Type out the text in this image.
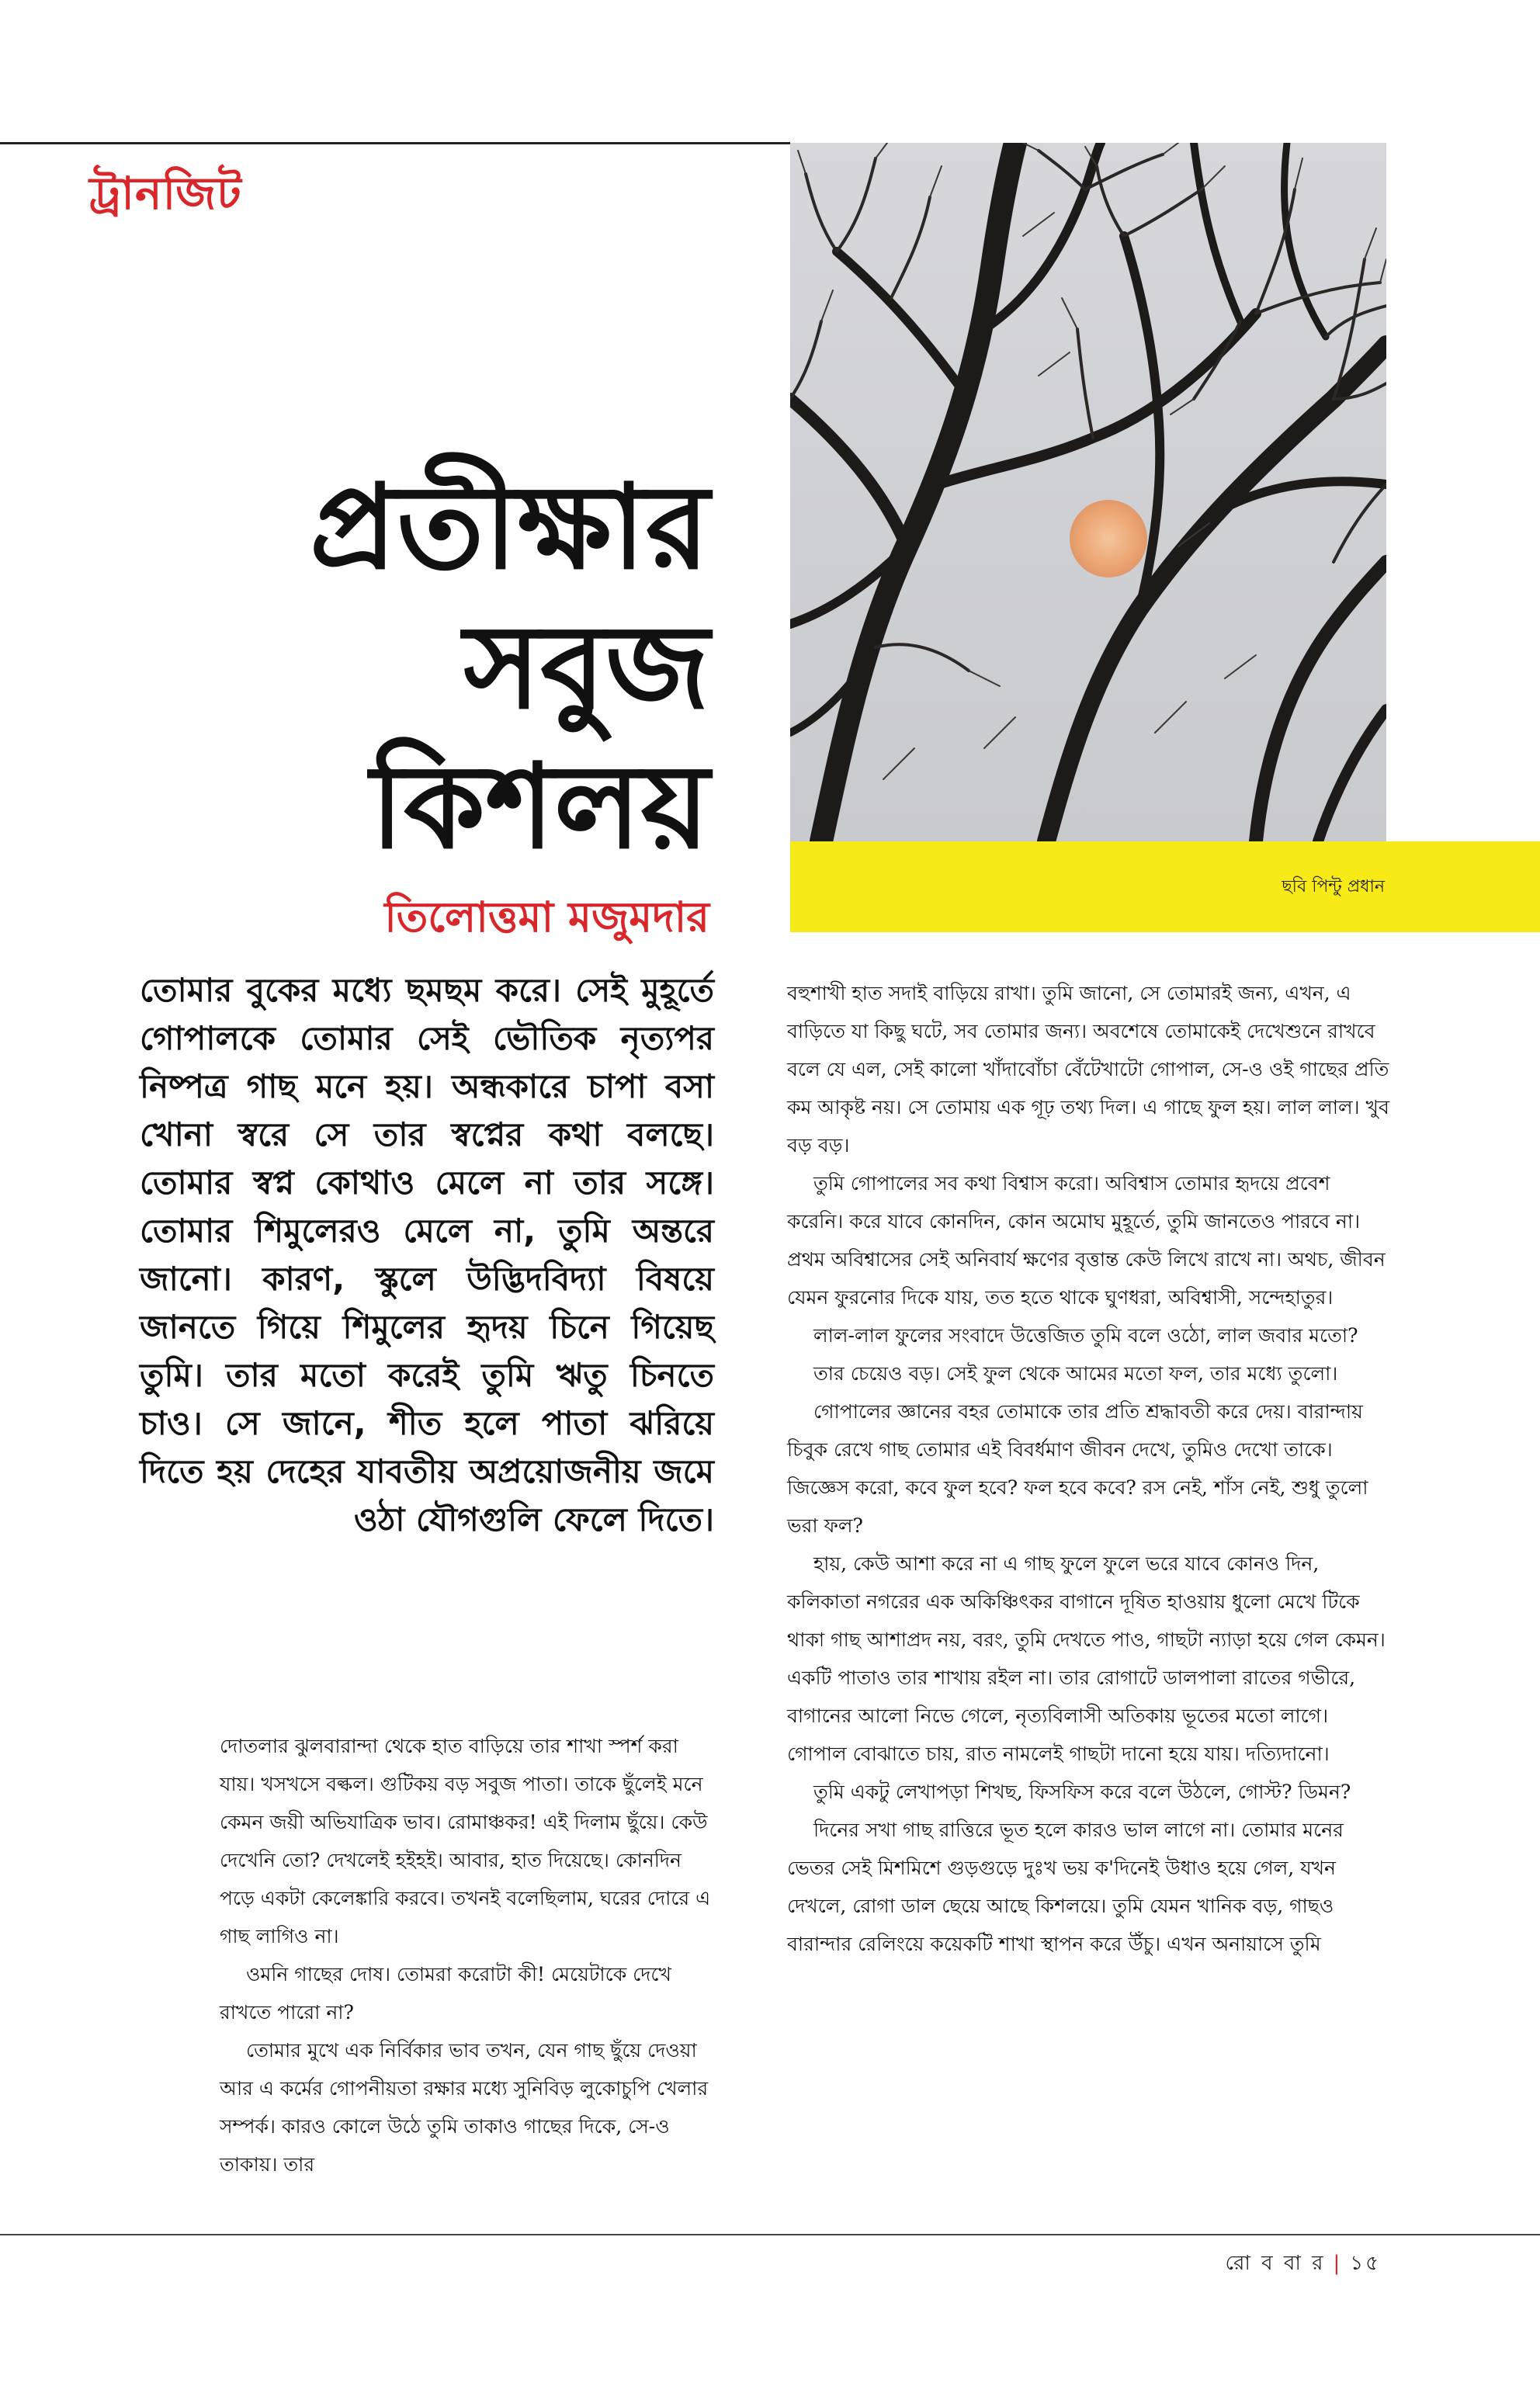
ট্রানজিট
প্রতীক্ষার
সবুজ
কিশলয়
তিলোত্তমা মজুমদার
ছবি পিন্টু প্রধান

তোমার বুকের মধ্যে ছমছম করে। সেই মুহূর্তে গোপালকে তোমার সেই ভৌতিক নৃত্যপর নিষ্পত্র গাছ মনে হয়। অন্ধকারে চাপা বসা খোনা স্বরে সে তার স্বপ্নের কথা বলছে। তোমার স্বপ্ন কোথাও মেলে না তার সঙ্গে। তোমার শিমুলেরও মেলে না, তুমি অন্তরে জানো। কারণ, স্কুলে উদ্ভিদবিদ্যা বিষয়ে জানতে গিয়ে শিমুলের হৃদয় চিনে গিয়েছ তুমি। তার মতো করেই তুমি ঋতু চিনতে চাও। সে জানে, শীত হলে পাতা ঝরিয়ে দিতে হয় দেহের যাবতীয় অপ্রয়োজনীয় জমে ওঠা যৌগগুলি ফেলে দিতে।

দোতলার ঝুলবারান্দা থেকে হাত বাড়িয়ে তার শাখা স্পর্শ করা যায়। খসখসে বল্কল। গুটিকয় বড় সবুজ পাতা। তাকে ছুঁলেই মনে কেমন জয়ী অভিযাত্রিক ভাব। রোমাঞ্চকর! এই দিলাম ছুঁয়ে। কেউ দেখেনি তো? দেখলেই হইহই। আবার, হাত দিয়েছে। কোনদিন পড়ে একটা কেলেঙ্কারি করবে। তখনই বলেছিলাম, ঘরের দোরে এ গাছ লাগিও না।

ওমনি গাছের দোষ। তোমরা করোটা কী! মেয়েটাকে দেখে রাখতে পারো না?

তোমার মুখে এক নির্বিকার ভাব তখন, যেন গাছ ছুঁয়ে দেওয়া আর এ কর্মের গোপনীয়তা রক্ষার মধ্যে সুনিবিড় লুকোচুপি খেলার সম্পর্ক। কারও কোলে উঠে তুমি তাকাও গাছের দিকে, সে-ও তাকায়। তার

বহুশাখী হাত সদাই বাড়িয়ে রাখা। তুমি জানো, সে তোমারই জন্য, এখন, এ বাড়িতে যা কিছু ঘটে, সব তোমার জন্য। অবশেষে তোমাকেই দেখেশুনে রাখবে বলে যে এল, সেই কালো খাঁদাবোঁচা বেঁটেখাটো গোপাল, সে-ও ওই গাছের প্রতি কম আকৃষ্ট নয়। সে তোমায় এক গূঢ় তথ্য দিল। এ গাছে ফুল হয়। লাল লাল। খুব বড় বড়।

তুমি গোপালের সব কথা বিশ্বাস করো। অবিশ্বাস তোমার হৃদয়ে প্রবেশ করেনি। করে যাবে কোনদিন, কোন অমোঘ মুহূর্তে, তুমি জানতেও পারবে না। প্রথম অবিশ্বাসের সেই অনিবার্য ক্ষণের বৃত্তান্ত কেউ লিখে রাখে না। অথচ, জীবন যেমন ফুরনোর দিকে যায়, তত হতে থাকে ঘুণধরা, অবিশ্বাসী, সন্দেহাতুর।

লাল-লাল ফুলের সংবাদে উত্তেজিত তুমি বলে ওঠো, লাল জবার মতো?

তার চেয়েও বড়। সেই ফুল থেকে আমের মতো ফল, তার মধ্যে তুলো।

গোপালের জ্ঞানের বহর তোমাকে তার প্রতি শ্রদ্ধাবতী করে দেয়। বারান্দায় চিবুক রেখে গাছ তোমার এই বিবর্ধমাণ জীবন দেখে, তুমিও দেখো তাকে। জিজ্ঞেস করো, কবে ফুল হবে? ফল হবে কবে? রস নেই, শাঁস নেই, শুধু তুলো ভরা ফল?

হায়, কেউ আশা করে না এ গাছ ফুলে ফুলে ভরে যাবে কোনও দিন, কলিকাতা নগরের এক অকিঞ্চিৎকর বাগানে দূষিত হাওয়ায় ধুলো মেখে টিকে থাকা গাছ আশাপ্রদ নয়, বরং, তুমি দেখতে পাও, গাছটা ন্যাড়া হয়ে গেল কেমন। একটি পাতাও তার শাখায় রইল না। তার রোগাটে ডালপালা রাতের গভীরে, বাগানের আলো নিভে গেলে, নৃত্যবিলাসী অতিকায় ভূতের মতো লাগে। গোপাল বোঝাতে চায়, রাত নামলেই গাছটা দানো হয়ে যায়। দত্যিদানো।

তুমি একটু লেখাপড়া শিখছ, ফিসফিস করে বলে উঠলে, গোস্ট? ডিমন?

দিনের সখা গাছ রাত্তিরে ভূত হলে কারও ভাল লাগে না। তোমার মনের ভেতর সেই মিশমিশে গুড়গুড়ে দুঃখ ভয় ক'দিনেই উধাও হয়ে গেল, যখন দেখলে, রোগা ডাল ছেয়ে আছে কিশলয়ে। তুমি যেমন খানিক বড়, গাছও বারান্দার রেলিংয়ে কয়েকটি শাখা স্থাপন করে উঁচু। এখন অনায়াসে তুমি

রো ব বা র | ১৫
